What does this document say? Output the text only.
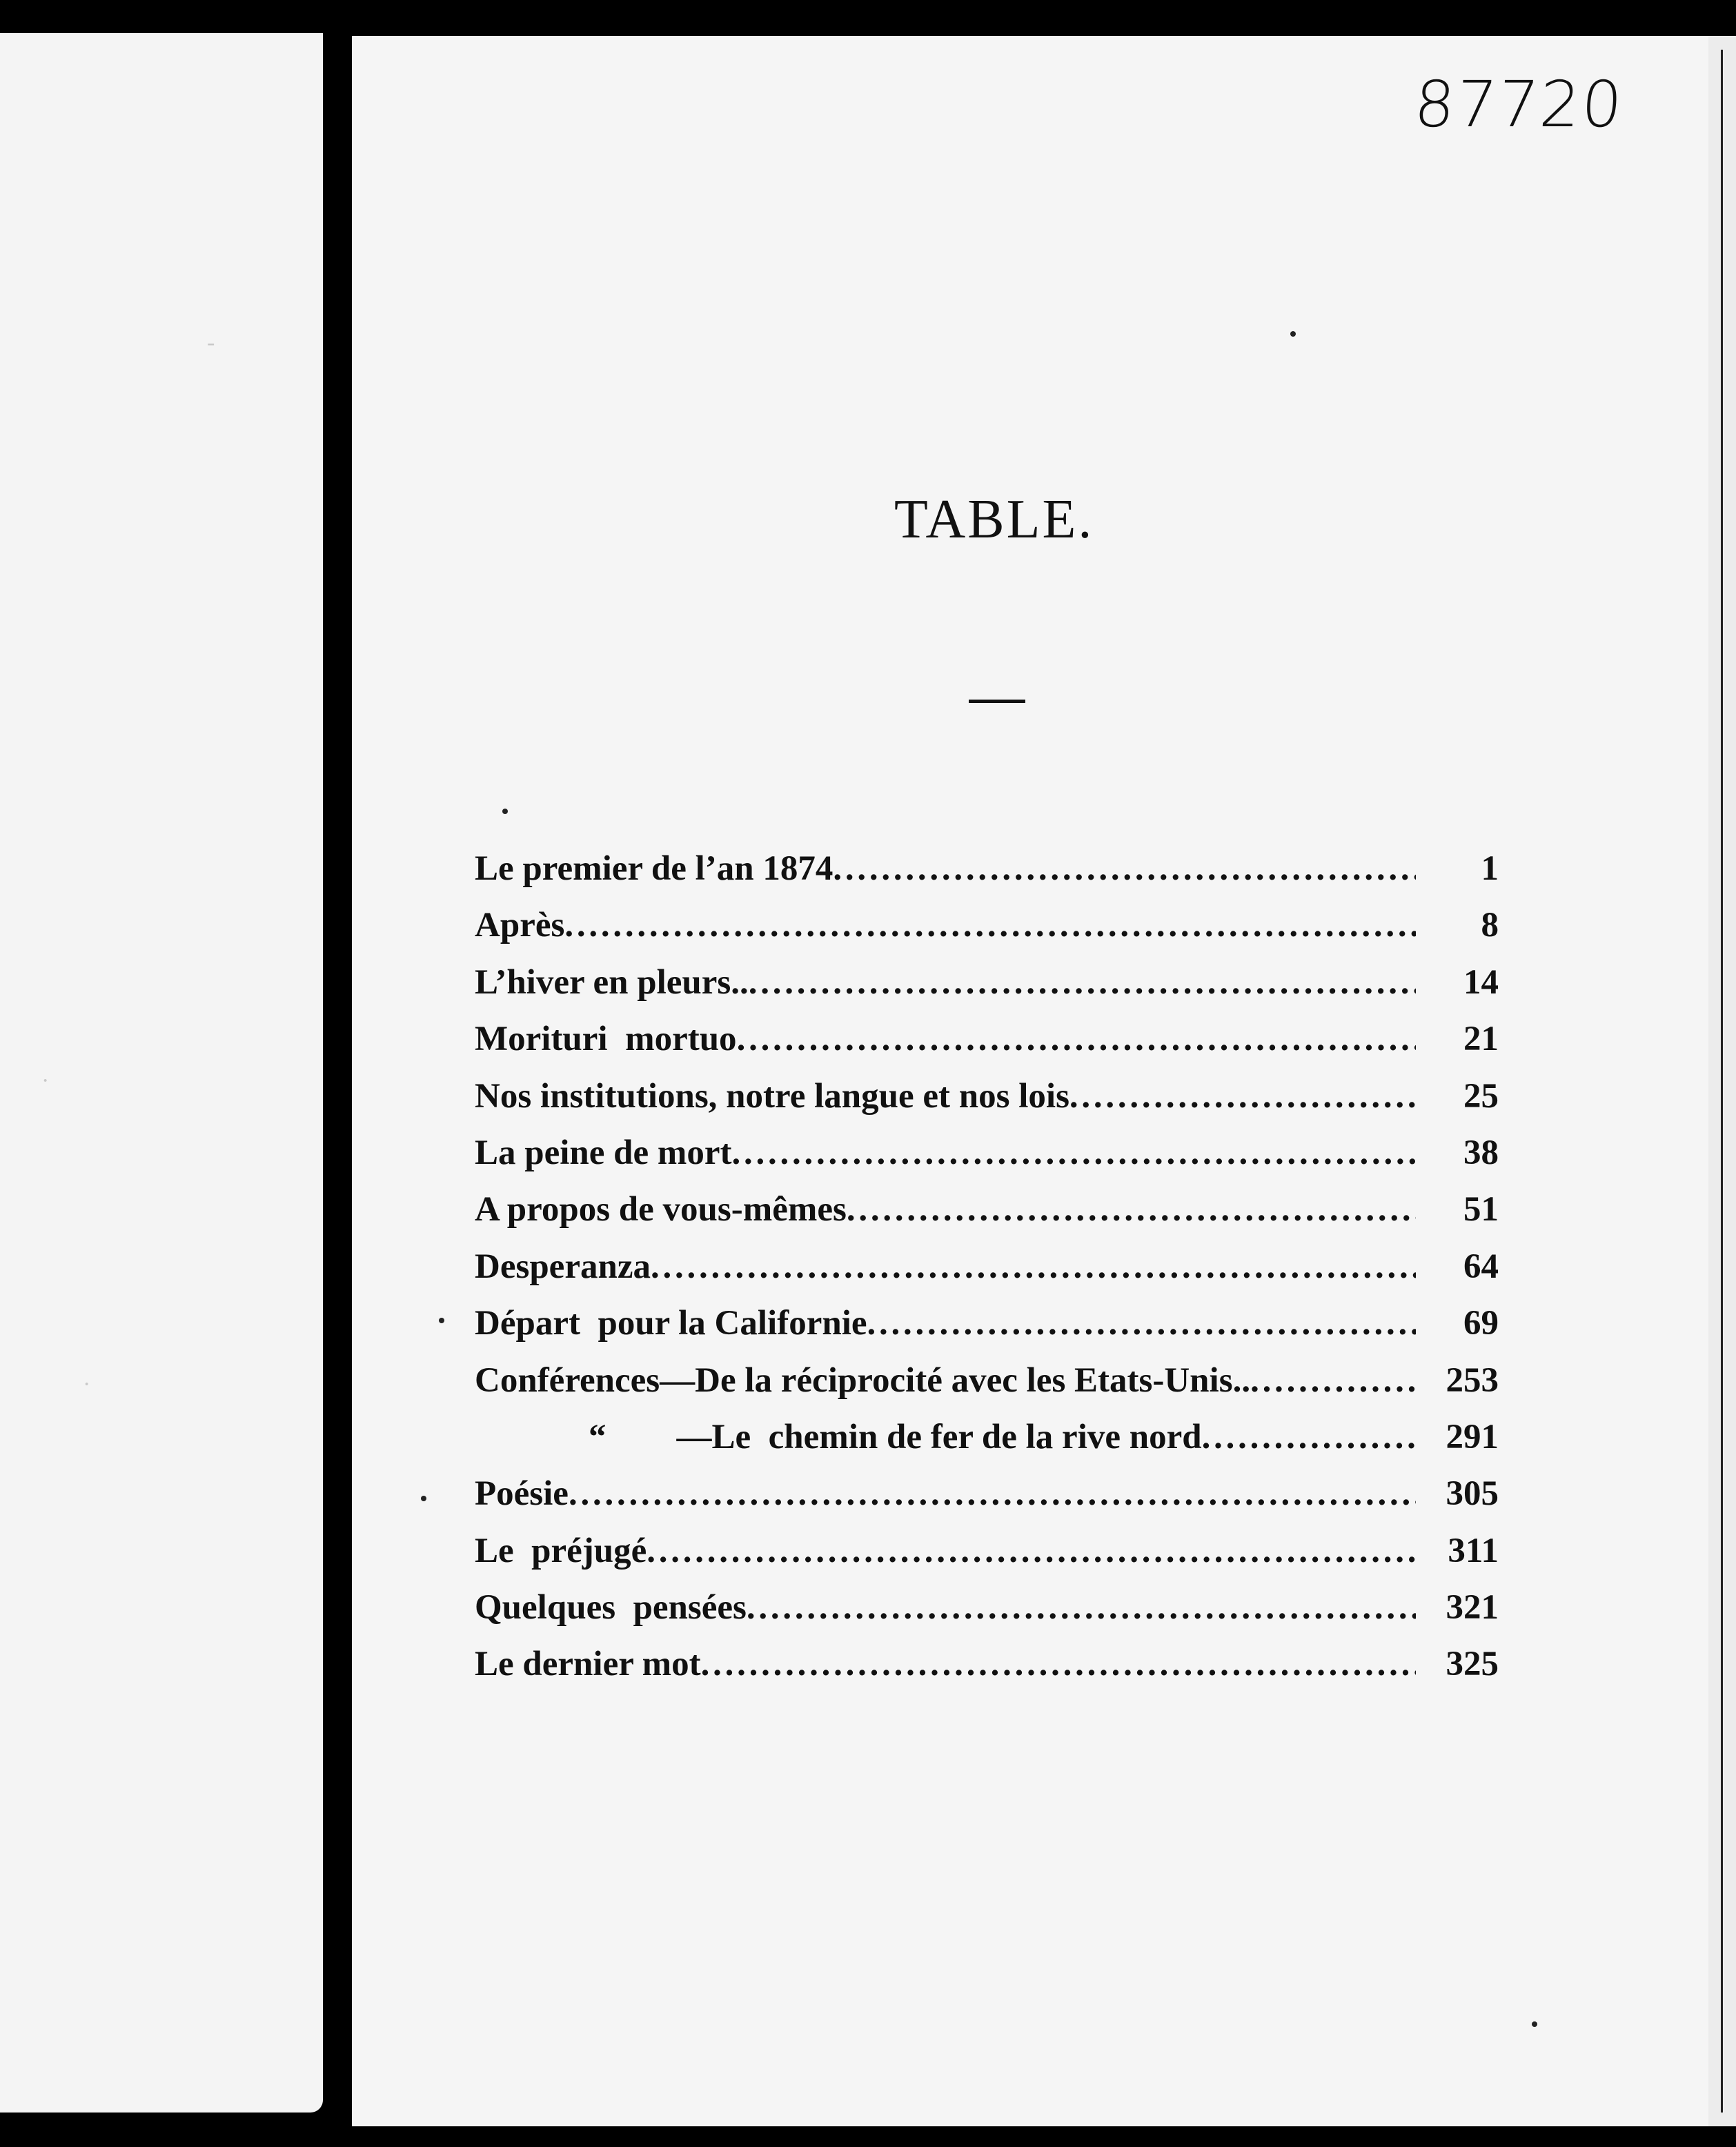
‑
·
·
87720
TABLE.
Le premier de l’an 1874 . . .	1
Après . . .	8
L’hiver en pleurs.. . . .	14
Morituri  mortuo . . .	21
Nos institutions, notre langue et nos lois . . .	25
La peine de mort . . .	38
A propos de vous-mêmes . . .	51
Desperanza . . .	64
Départ  pour la Californie . . .	69
Conférences—De la réciprocité avec les Etats-Unis.. . . .	253
“        —Le  chemin de fer de la rive nord . . .	291
Poésie . . .	305
Le  préjugé . . .	311
Quelques  pensées . . .	321
Le dernier mot . . .	325
